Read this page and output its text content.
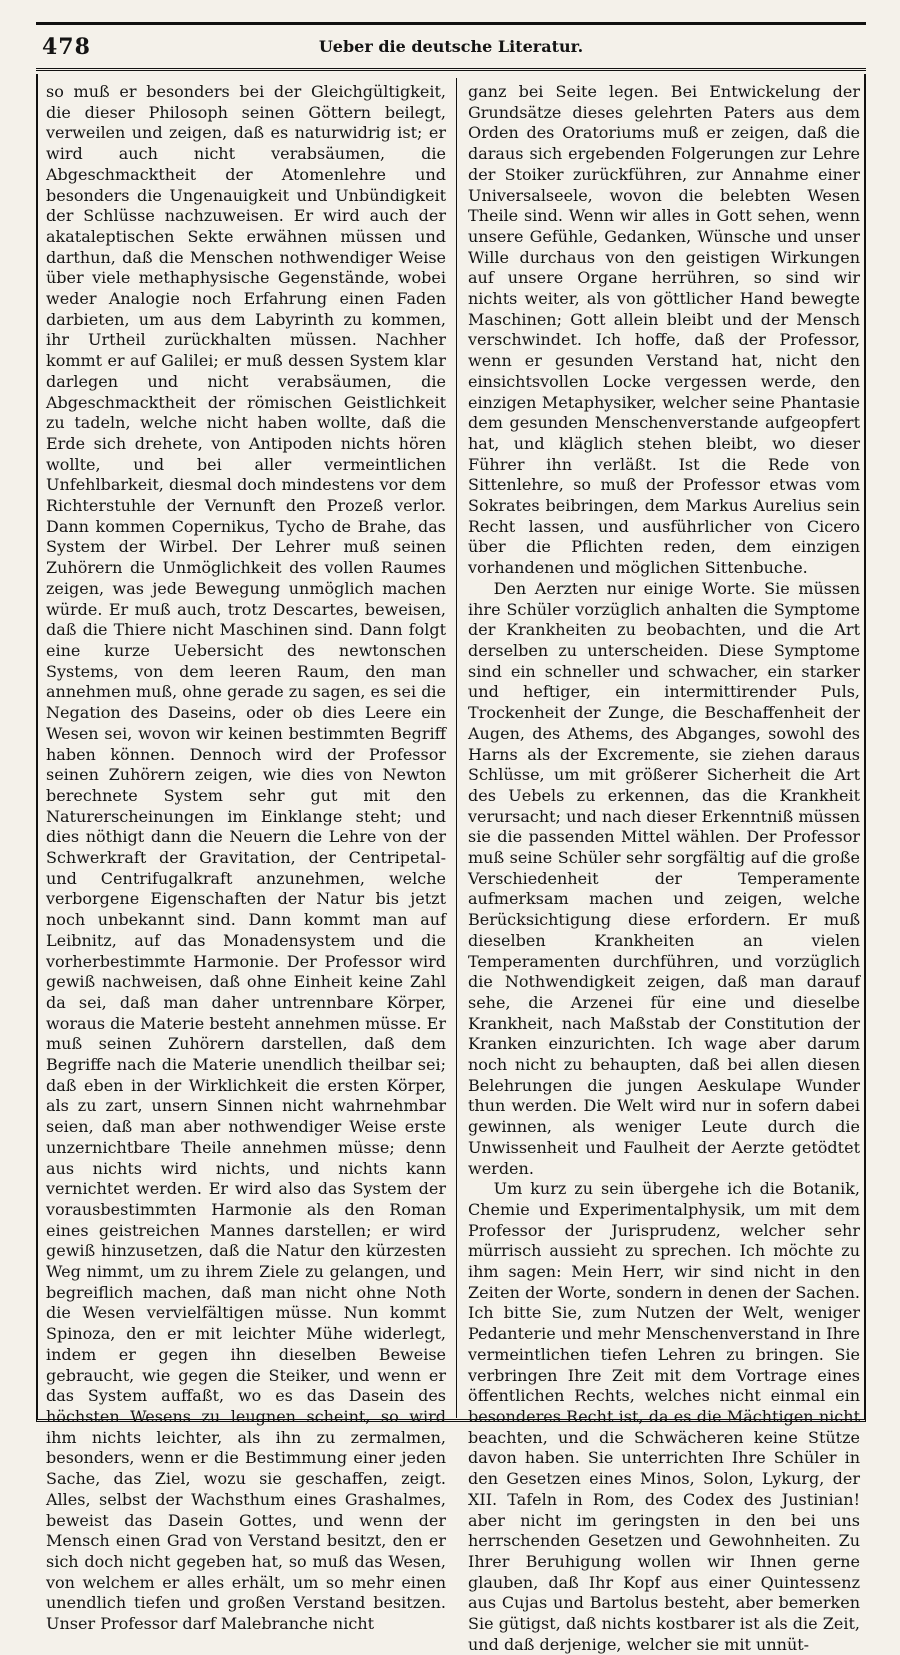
478	Ueber die deutsche Literatur.

so muß er besonders bei der Gleichgültigkeit, die dieser Philosoph seinen Göttern beilegt, verweilen und zeigen, daß es naturwidrig ist; er wird auch nicht verabsäumen, die Abgeschmacktheit der Atomenlehre und besonders die Ungenauigkeit und Unbündigkeit der Schlüsse nachzuweisen. Er wird auch der akataleptischen Sekte erwähnen müssen und darthun, daß die Menschen nothwendiger Weise über viele methaphysische Gegenstände, wobei weder Analogie noch Erfahrung einen Faden darbieten, um aus dem Labyrinth zu kommen, ihr Urtheil zurückhalten müssen. Nachher kommt er auf Galilei; er muß dessen System klar darlegen und nicht verabsäumen, die Abgeschmacktheit der römischen Geistlichkeit zu tadeln, welche nicht haben wollte, daß die Erde sich drehete, von Antipoden nichts hören wollte, und bei aller vermeintlichen Unfehlbarkeit, diesmal doch mindestens vor dem Richterstuhle der Vernunft den Prozeß verlor. Dann kommen Copernikus, Tycho de Brahe, das System der Wirbel. Der Lehrer muß seinen Zuhörern die Unmöglichkeit des vollen Raumes zeigen, was jede Bewegung unmöglich machen würde. Er muß auch, trotz Descartes, beweisen, daß die Thiere nicht Maschinen sind. Dann folgt eine kurze Uebersicht des newtonschen Systems, von dem leeren Raum, den man annehmen muß, ohne gerade zu sagen, es sei die Negation des Daseins, oder ob dies Leere ein Wesen sei, wovon wir keinen bestimmten Begriff haben können. Dennoch wird der Professor seinen Zuhörern zeigen, wie dies von Newton berechnete System sehr gut mit den Naturerscheinungen im Einklange steht; und dies nöthigt dann die Neuern die Lehre von der Schwerkraft der Gravitation, der Centripetal- und Centrifugalkraft anzunehmen, welche verborgene Eigenschaften der Natur bis jetzt noch unbekannt sind. Dann kommt man auf Leibnitz, auf das Monadensystem und die vorherbestimmte Harmonie. Der Professor wird gewiß nachweisen, daß ohne Einheit keine Zahl da sei, daß man daher untrennbare Körper, woraus die Materie besteht annehmen müsse. Er muß seinen Zuhörern darstellen, daß dem Begriffe nach die Materie unendlich theilbar sei; daß eben in der Wirklichkeit die ersten Körper, als zu zart, unsern Sinnen nicht wahrnehmbar seien, daß man aber nothwendiger Weise erste unzernichtbare Theile annehmen müsse; denn aus nichts wird nichts, und nichts kann vernichtet werden. Er wird also das System der vorausbestimmten Harmonie als den Roman eines geistreichen Mannes darstellen; er wird gewiß hinzusetzen, daß die Natur den kürzesten Weg nimmt, um zu ihrem Ziele zu gelangen, und begreiflich machen, daß man nicht ohne Noth die Wesen vervielfältigen müsse. Nun kommt Spinoza, den er mit leichter Mühe widerlegt, indem er gegen ihn dieselben Beweise gebraucht, wie gegen die Steiker, und wenn er das System auffaßt, wo es das Dasein des höchsten Wesens zu leugnen scheint, so wird ihm nichts leichter, als ihn zu zermalmen, besonders, wenn er die Bestimmung einer jeden Sache, das Ziel, wozu sie geschaffen, zeigt. Alles, selbst der Wachsthum eines Grashalmes, beweist das Dasein Gottes, und wenn der Mensch einen Grad von Verstand besitzt, den er sich doch nicht gegeben hat, so muß das Wesen, von welchem er alles erhält, um so mehr einen unendlich tiefen und großen Verstand besitzen. Unser Professor darf Malebranche nicht

ganz bei Seite legen. Bei Entwickelung der Grundsätze dieses gelehrten Paters aus dem Orden des Oratoriums muß er zeigen, daß die daraus sich ergebenden Folgerungen zur Lehre der Stoiker zurückführen, zur Annahme einer Universalseele, wovon die belebten Wesen Theile sind. Wenn wir alles in Gott sehen, wenn unsere Gefühle, Gedanken, Wünsche und unser Wille durchaus von den geistigen Wirkungen auf unsere Organe herrühren, so sind wir nichts weiter, als von göttlicher Hand bewegte Maschinen; Gott allein bleibt und der Mensch verschwindet. Ich hoffe, daß der Professor, wenn er gesunden Verstand hat, nicht den einsichtsvollen Locke vergessen werde, den einzigen Metaphysiker, welcher seine Phantasie dem gesunden Menschenverstande aufgeopfert hat, und kläglich stehen bleibt, wo dieser Führer ihn verläßt. Ist die Rede von Sittenlehre, so muß der Professor etwas vom Sokrates beibringen, dem Markus Aurelius sein Recht lassen, und ausführlicher von Cicero über die Pflichten reden, dem einzigen vorhandenen und möglichen Sittenbuche.

Den Aerzten nur einige Worte. Sie müssen ihre Schüler vorzüglich anhalten die Symptome der Krankheiten zu beobachten, und die Art derselben zu unterscheiden. Diese Symptome sind ein schneller und schwacher, ein starker und heftiger, ein intermittirender Puls, Trockenheit der Zunge, die Beschaffenheit der Augen, des Athems, des Abganges, sowohl des Harns als der Excremente, sie ziehen daraus Schlüsse, um mit größerer Sicherheit die Art des Uebels zu erkennen, das die Krankheit verursacht; und nach dieser Erkenntniß müssen sie die passenden Mittel wählen. Der Professor muß seine Schüler sehr sorgfältig auf die große Verschiedenheit der Temperamente aufmerksam machen und zeigen, welche Berücksichtigung diese erfordern. Er muß dieselben Krankheiten an vielen Temperamenten durchführen, und vorzüglich die Nothwendigkeit zeigen, daß man darauf sehe, die Arzenei für eine und dieselbe Krankheit, nach Maßstab der Constitution der Kranken einzurichten. Ich wage aber darum noch nicht zu behaupten, daß bei allen diesen Belehrungen die jungen Aeskulape Wunder thun werden. Die Welt wird nur in sofern dabei gewinnen, als weniger Leute durch die Unwissenheit und Faulheit der Aerzte getödtet werden.

Um kurz zu sein übergehe ich die Botanik, Chemie und Experimentalphysik, um mit dem Professor der Jurisprudenz, welcher sehr mürrisch aussieht zu sprechen. Ich möchte zu ihm sagen: Mein Herr, wir sind nicht in den Zeiten der Worte, sondern in denen der Sachen. Ich bitte Sie, zum Nutzen der Welt, weniger Pedanterie und mehr Menschenverstand in Ihre vermeintlichen tiefen Lehren zu bringen. Sie verbringen Ihre Zeit mit dem Vortrage eines öffentlichen Rechts, welches nicht einmal ein besonderes Recht ist, da es die Mächtigen nicht beachten, und die Schwächeren keine Stütze davon haben. Sie unterrichten Ihre Schüler in den Gesetzen eines Minos, Solon, Lykurg, der XII. Tafeln in Rom, des Codex des Justinian! aber nicht im geringsten in den bei uns herrschenden Gesetzen und Gewohnheiten. Zu Ihrer Beruhigung wollen wir Ihnen gerne glauben, daß Ihr Kopf aus einer Quintessenz aus Cujas und Bartolus besteht, aber bemerken Sie gütigst, daß nichts kostbarer ist als die Zeit, und daß derjenige, welcher sie mit unnüt-
